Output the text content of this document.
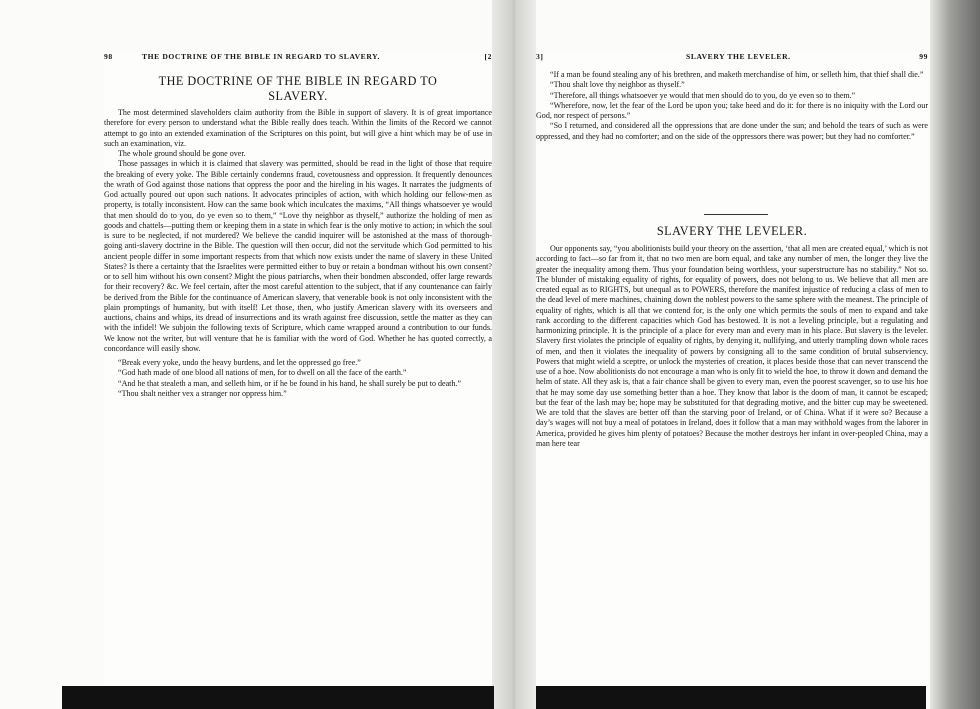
98	THE DOCTRINE OF THE BIBLE IN REGARD TO SLAVERY.	[2
THE DOCTRINE OF THE BIBLE IN REGARD TO SLAVERY.

The most determined slaveholders claim authority from the Bible in support of slavery. It is of great importance therefore for every person to understand what the Bible really does teach. Within the limits of the Record we cannot attempt to go into an extended examination of the Scriptures on this point, but will give a hint which may be of use in such an examination, viz.

The whole ground should be gone over.

Those passages in which it is claimed that slavery was permitted, should be read in the light of those that require the breaking of every yoke. The Bible certainly condemns fraud, covetousness and oppression. It frequently denounces the wrath of God against those nations that oppress the poor and the hireling in his wages. It narrates the judgments of God actually poured out upon such nations. It advocates principles of action, with which holding our fellow-men as property, is totally inconsistent. How can the same book which inculcates the maxims, “All things whatsoever ye would that men should do to you, do ye even so to them,” “Love thy neighbor as thyself,” authorize the holding of men as goods and chattels—putting them or keeping them in a state in which fear is the only motive to action; in which the soul is sure to be neglected, if not murdered? We believe the candid inquirer will be astonished at the mass of thorough-going anti-slavery doctrine in the Bible. The question will then occur, did not the servitude which God permitted to his ancient people differ in some important respects from that which now exists under the name of slavery in these United States? Is there a certainty that the Israelites were permitted either to buy or retain a bondman without his own consent? or to sell him without his own consent? Might the pious patriarchs, when their bondmen absconded, offer large rewards for their recovery? &c. We feel certain, after the most careful attention to the subject, that if any countenance can fairly be derived from the Bible for the continuance of American slavery, that venerable book is not only inconsistent with the plain promptings of humanity, but with itself! Let those, then, who justify American slavery with its overseers and auctions, chains and whips, its dread of insurrections and its wrath against free discussion, settle the matter as they can with the infidel! We subjoin the following texts of Scripture, which came wrapped around a contribution to our funds. We know not the writer, but will venture that he is familiar with the word of God. Whether he has quoted correctly, a concordance will easily show.

“Break every yoke, undo the heavy burdens, and let the oppressed go free.”

“God hath made of one blood all nations of men, for to dwell on all the face of the earth.”

“And he that stealeth a man, and selleth him, or if he be found in his hand, he shall surely be put to death.”

“Thou shalt neither vex a stranger nor oppress him.”

3]	SLAVERY THE LEVELER.	99

“If a man be found stealing any of his brethren, and maketh merchandise of him, or selleth him, that thief shall die.”

“Thou shalt love thy neighbor as thyself.”

“Therefore, all things whatsoever ye would that men should do to you, do ye even so to them.”

“Wherefore, now, let the fear of the Lord be upon you; take heed and do it: for there is no iniquity with the Lord our God, nor respect of persons.”

“So I returned, and considered all the oppressions that are done under the sun; and behold the tears of such as were oppressed, and they had no comforter; and on the side of the oppressors there was power; but they had no comforter.”

SLAVERY THE LEVELER.

Our opponents say, “you abolitionists build your theory on the assertion, ‘that all men are created equal,’ which is not according to fact—so far from it, that no two men are born equal, and take any number of men, the longer they live the greater the inequality among them. Thus your foundation being worthless, your superstructure has no stability.” Not so. The blunder of mistaking equality of rights, for equality of powers, does not belong to us. We believe that all men are created equal as to RIGHTS, but unequal as to POWERS, therefore the manifest injustice of reducing a class of men to the dead level of mere machines, chaining down the noblest powers to the same sphere with the meanest. The principle of equality of rights, which is all that we contend for, is the only one which permits the souls of men to expand and take rank according to the different capacities which God has bestowed. It is not a leveling principle, but a regulating and harmonizing principle. It is the principle of a place for every man and every man in his place. But slavery is the leveler. Slavery first violates the principle of equality of rights, by denying it, nullifying, and utterly trampling down whole races of men, and then it violates the inequality of powers by consigning all to the same condition of brutal subserviency. Powers that might wield a sceptre, or unlock the mysteries of creation, it places beside those that can never transcend the use of a hoe. Now abolitionists do not encourage a man who is only fit to wield the hoe, to throw it down and demand the helm of state. All they ask is, that a fair chance shall be given to every man, even the poorest scavenger, so to use his hoe that he may some day use something better than a hoe. They know that labor is the doom of man, it cannot be escaped; but the fear of the lash may be; hope may be substituted for that degrading motive, and the bitter cup may be sweetened. We are told that the slaves are better off than the starving poor of Ireland, or of China. What if it were so? Because a day’s wages will not buy a meal of potatoes in Ireland, does it follow that a man may withhold wages from the laborer in America, provided he gives him plenty of potatoes? Because the mother destroys her infant in over-peopled China, may a man here tear
